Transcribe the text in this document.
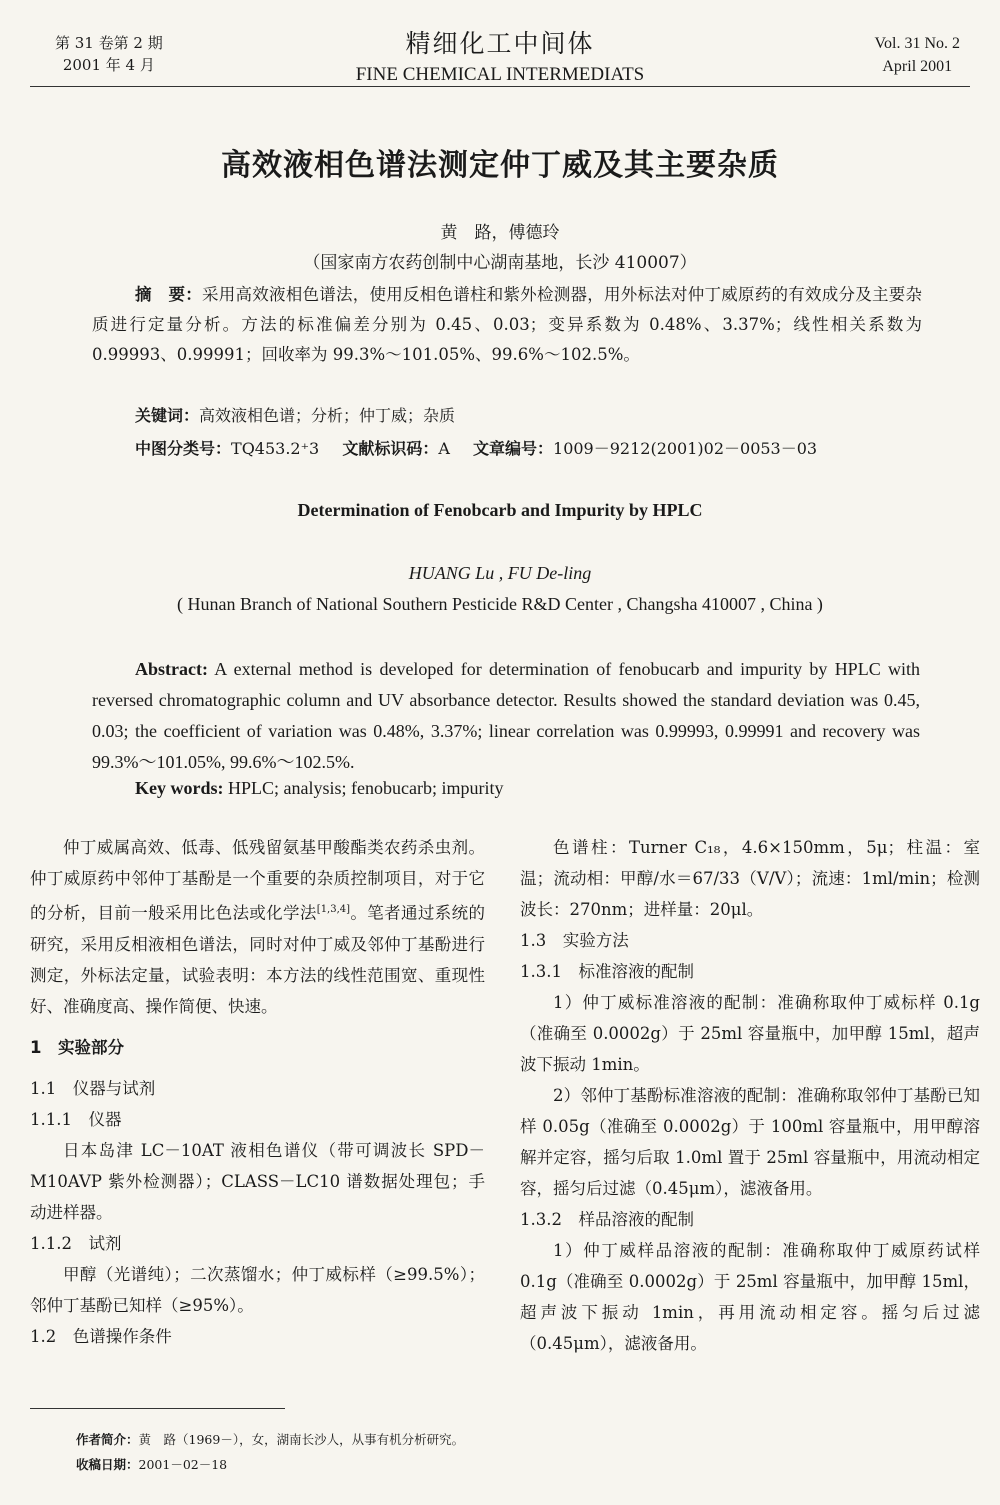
第 31 卷第 2 期
2001 年 4 月
精细化工中间体
FINE CHEMICAL INTERMEDIATS
Vol. 31 No. 2
April 2001
高效液相色谱法测定仲丁威及其主要杂质
黄　路，傅德玲
（国家南方农药创制中心湖南基地，长沙 410007）
摘　要：采用高效液相色谱法，使用反相色谱柱和紫外检测器，用外标法对仲丁威原药的有效成分及主要杂质进行定量分析。方法的标准偏差分别为 0.45、0.03；变异系数为 0.48%、3.37%；线性相关系数为 0.99993、0.99991；回收率为 99.3%～101.05%、99.6%～102.5%。
关键词：高效液相色谱；分析；仲丁威；杂质
中图分类号：TQ453.2⁺3 文献标识码：A 文章编号：1009－9212(2001)02－0053－03
Determination of Fenobcarb and Impurity by HPLC
HUANG Lu , FU De-ling
( Hunan Branch of National Southern Pesticide R&D Center , Changsha 410007 , China )
Abstract: A external method is developed for determination of fenobucarb and impurity by HPLC with reversed chromatographic column and UV absorbance detector. Results showed the standard deviation was 0.45, 0.03; the coefficient of variation was 0.48%, 3.37%; linear correlation was 0.99993, 0.99991 and recovery was 99.3%～101.05%, 99.6%～102.5%.
Key words: HPLC; analysis; fenobucarb; impurity

仲丁威属高效、低毒、低残留氨基甲酸酯类农药杀虫剂。仲丁威原药中邻仲丁基酚是一个重要的杂质控制项目，对于它的分析，目前一般采用比色法或化学法[1,3,4]。笔者通过系统的研究，采用反相液相色谱法，同时对仲丁威及邻仲丁基酚进行测定，外标法定量，试验表明：本方法的线性范围宽、重现性好、准确度高、操作简便、快速。

1　实验部分
1.1　仪器与试剂
1.1.1　仪器

日本岛津 LC－10AT 液相色谱仪（带可调波长 SPD－M10AVP 紫外检测器）；CLASS－LC10 谱数据处理包；手动进样器。

1.1.2　试剂

甲醇（光谱纯）；二次蒸馏水；仲丁威标样（≥99.5%）；邻仲丁基酚已知样（≥95%）。

1.2　色谱操作条件

色谱柱：Turner C₁₈，4.6×150mm，5μ；柱温：室温；流动相：甲醇/水＝67/33（V/V）；流速：1ml/min；检测波长：270nm；进样量：20μl。

1.3　实验方法
1.3.1　标准溶液的配制

1）仲丁威标准溶液的配制：准确称取仲丁威标样 0.1g（准确至 0.0002g）于 25ml 容量瓶中，加甲醇 15ml，超声波下振动 1min。

2）邻仲丁基酚标准溶液的配制：准确称取邻仲丁基酚已知样 0.05g（准确至 0.0002g）于 100ml 容量瓶中，用甲醇溶解并定容，摇匀后取 1.0ml 置于 25ml 容量瓶中，用流动相定容，摇匀后过滤（0.45μm），滤液备用。

1.3.2　样品溶液的配制

1）仲丁威样品溶液的配制：准确称取仲丁威原药试样 0.1g（准确至 0.0002g）于 25ml 容量瓶中，加甲醇 15ml，超声波下振动 1min，再用流动相定容。摇匀后过滤（0.45μm），滤液备用。

作者简介：黄　路（1969－），女，湖南长沙人，从事有机分析研究。
收稿日期：2001－02－18
